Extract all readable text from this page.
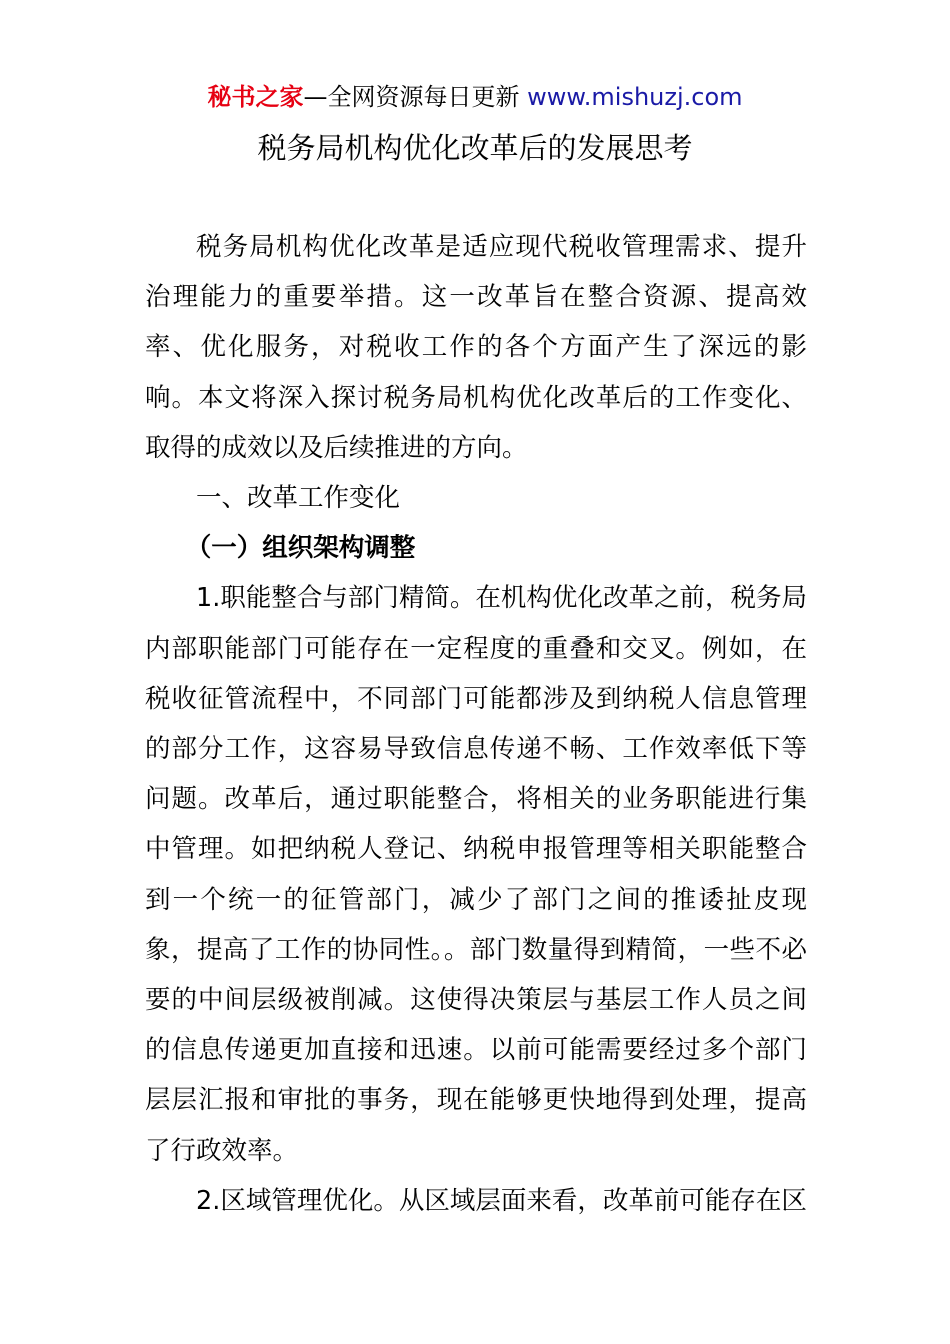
秘书之家—全网资源每日更新 www.mishuzj.com
税务局机构优化改革后的发展思考

税务局机构优化改革是适应现代税收管理需求、提升治理能力的重要举措。这一改革旨在整合资源、提高效率、优化服务，对税收工作的各个方面产生了深远的影响。本文将深入探讨税务局机构优化改革后的工作变化、取得的成效以及后续推进的方向。

一、改革工作变化

（一）组织架构调整

1.职能整合与部门精简。在机构优化改革之前，税务局内部职能部门可能存在一定程度的重叠和交叉。例如，在税收征管流程中，不同部门可能都涉及到纳税人信息管理的部分工作，这容易导致信息传递不畅、工作效率低下等问题。改革后，通过职能整合，将相关的业务职能进行集中管理。如把纳税人登记、纳税申报管理等相关职能整合到一个统一的征管部门，减少了部门之间的推诿扯皮现象，提高了工作的协同性。。部门数量得到精简，一些不必要的中间层级被削减。这使得决策层与基层工作人员之间的信息传递更加直接和迅速。以前可能需要经过多个部门层层汇报和审批的事务，现在能够更快地得到处理，提高了行政效率。

2.区域管理优化。从区域层面来看，改革前可能存在区
